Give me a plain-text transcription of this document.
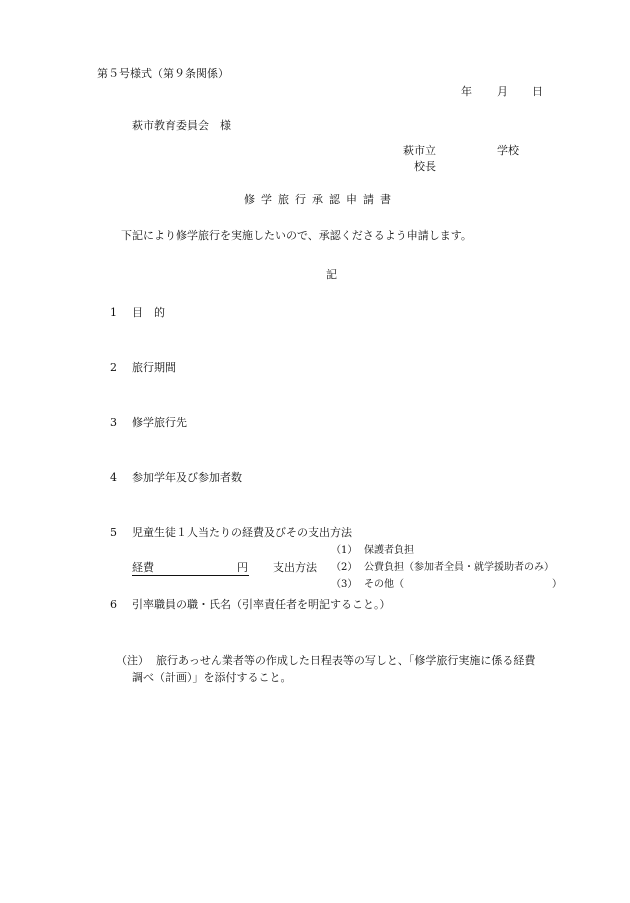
第５号様式（第９条関係）
年 月 日
萩市教育委員会　様
萩市立	学校
校長
修学旅行承認申請書
下記により修学旅行を実施したいので、承認くださるよう申請します。
記
1 目　的
2 旅行期間
3 修学旅行先
4 参加学年及び参加者数
5 児童生徒１人当たりの経費及びその支出方法
（1） 保護者負担
経費	円 支出方法 （2） 公費負担（参加者全員・就学援助者のみ）
（3） その他（	）
6 引率職員の職・氏名（引率責任者を明記すること。）
（注） 旅行あっせん業者等の作成した日程表等の写しと、「修学旅行実施に係る経費
調べ（計画）」を添付すること。
